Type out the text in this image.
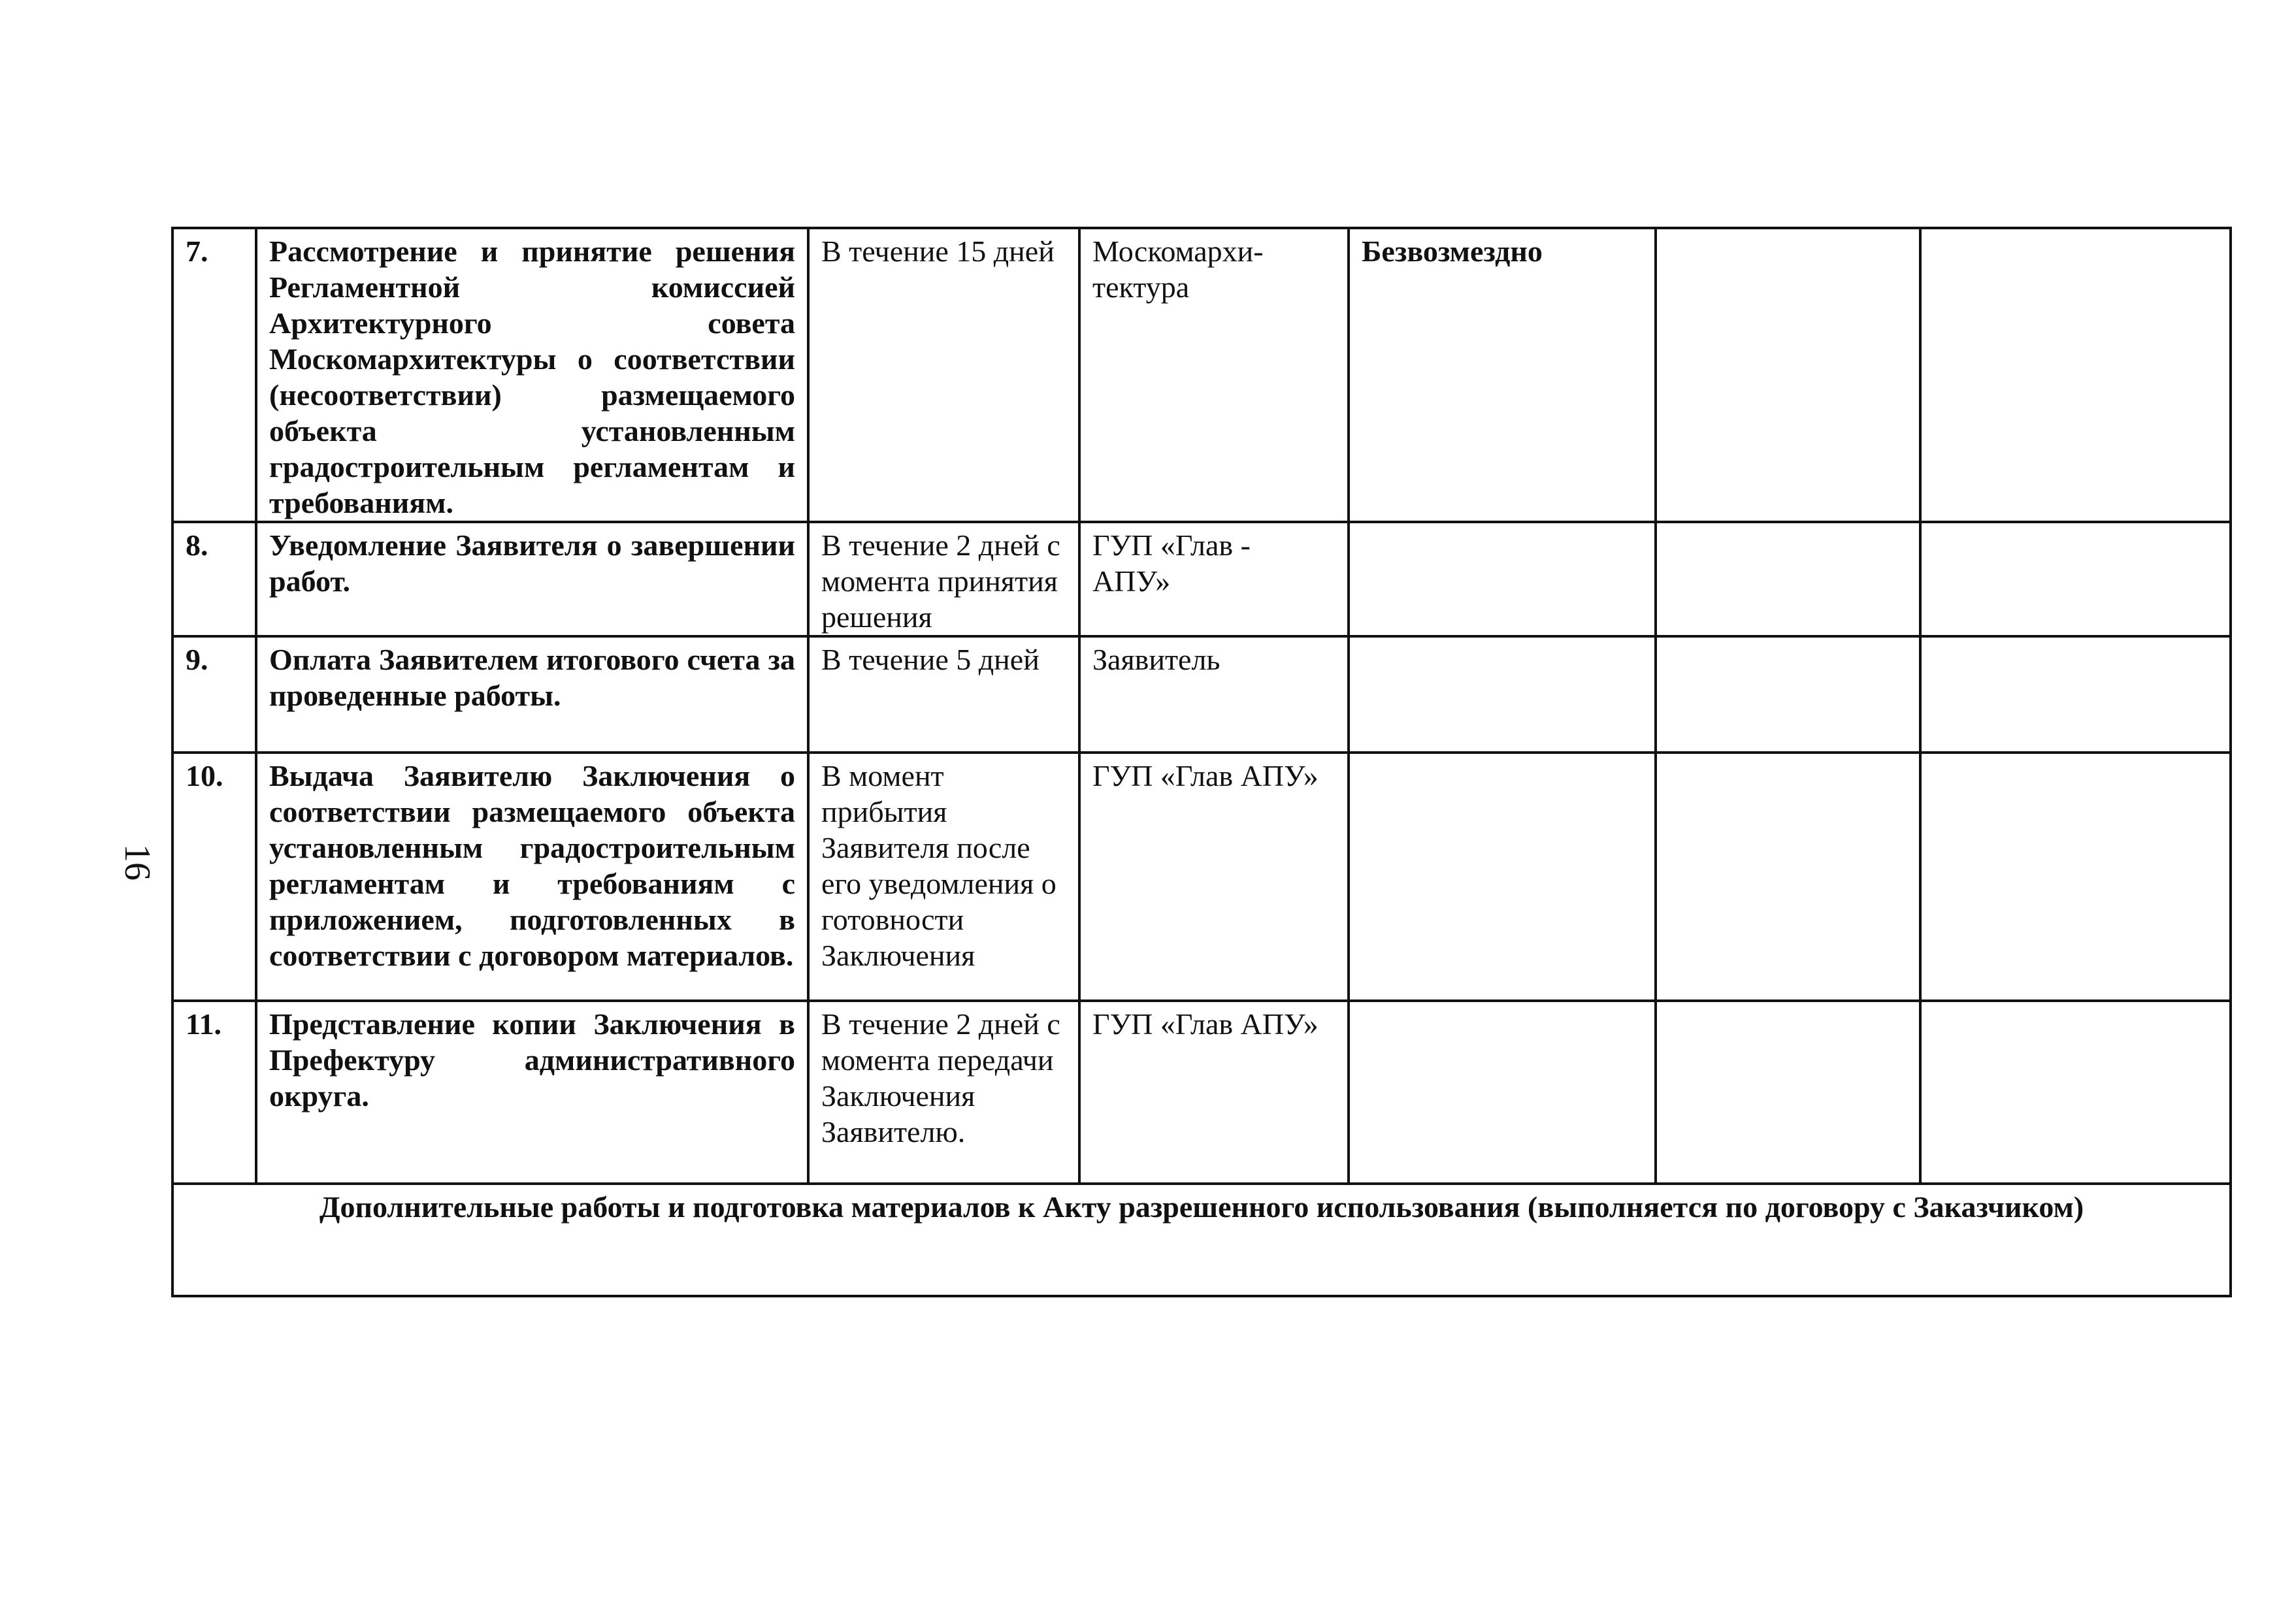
16
7.	Рассмотрение и принятие решения Регламентной комиссией Архитектурного совета Москомархитектуры о соответствии (несоответствии) размещаемого объекта установленным градостроительным регламентам и требованиям.	В течение 15 дней	Москомархи-тектура	Безвозмездно		
8.	Уведомление Заявителя о завершении работ.	В течение 2 дней с момента принятия решения	ГУП «Глав - АПУ»			
9.	Оплата Заявителем итогового счета за проведенные работы.	В течение 5 дней	Заявитель			
10.	Выдача Заявителю Заключения о соответствии размещаемого объекта установленным градостроительным регламентам и требованиям с приложением, подготовленных в соответствии с договором материалов.	В момент прибытия Заявителя после его уведомления о готовности Заключения	ГУП «Глав АПУ»			
11.	Представление копии Заключения в Префектуру административного округа.	В течение 2 дней с момента передачи Заключения Заявителю.	ГУП «Глав АПУ»			
Дополнительные работы и подготовка материалов к Акту разрешенного использования (выполняется по договору с Заказчиком)						
